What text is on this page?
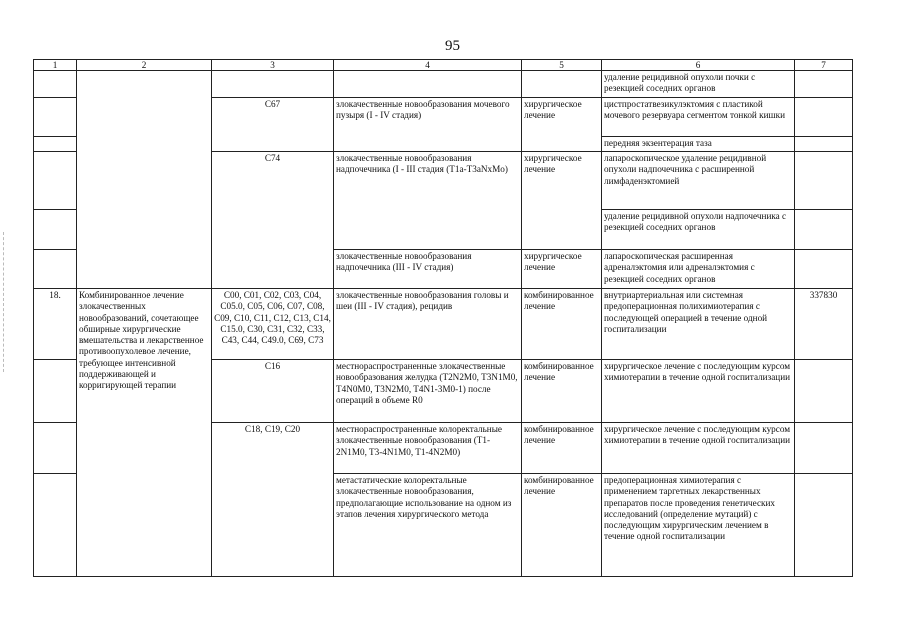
95
1	2	3	4	5	6	7
					удаление рецидивной опухоли почки с резекцией соседних органов	
		C67	злокачественные новообразования мочевого пузыря (I - IV стадия)	хирургическое лечение	цистпростатвезикулэктомия с пластикой мочевого резервуара сегментом тонкой кишки	
					передняя экзентерация таза	
		C74	злокачественные новообразования надпочечника (I - III стадия (T1a-T3aNxMo)	хирургическое лечение	лапароскопическое удаление рецидивной опухоли надпочечника с расширенной лимфаденэктомией	
					удаление рецидивной опухоли надпочечника с резекцией соседних органов	
			злокачественные новообразования надпочечника (III - IV стадия)	хирургическое лечение	лапароскопическая расширенная адреналэктомия или адреналэктомия с резекцией соседних органов	
18.	Комбинированное лечение злокачественных новообразований, сочетающее обширные хирургические вмешательства и лекарственное противоопухолевое лечение, требующее интенсивной поддерживающей и корригирующей терапии	C00, C01, C02, C03, C04, C05.0, C05, C06, C07, C08, C09, C10, C11, C12, C13, C14, C15.0, C30, C31, C32, C33, C43, C44, C49.0, C69, C73	злокачественные новообразования головы и шеи (III - IV стадия), рецидив	комбинированное лечение	внутриартериальная или системная предоперационная полихимиотерапия с последующей операцией в течение одной госпитализации	337830
		C16	местнораспространенные злокачественные новообразования желудка (T2N2M0, T3N1M0, T4N0M0, T3N2M0, T4N1-3M0-1) после операций в объеме R0	комбинированное лечение	хирургическое лечение с последующим курсом химиотерапии в течение одной госпитализации	
		C18, C19, C20	местнораспространенные колоректальные злокачественные новообразования (T1-2N1M0, T3-4N1M0, T1-4N2M0)	комбинированное лечение	хирургическое лечение с последующим курсом химиотерапии в течение одной госпитализации	
			метастатические колоректальные злокачественные новообразования, предполагающие использование на одном из этапов лечения хирургического метода	комбинированное лечение	предоперационная химиотерапия с применением таргетных лекарственных препаратов после проведения генетических исследований (определение мутаций) с последующим хирургическим лечением в течение одной госпитализации	
